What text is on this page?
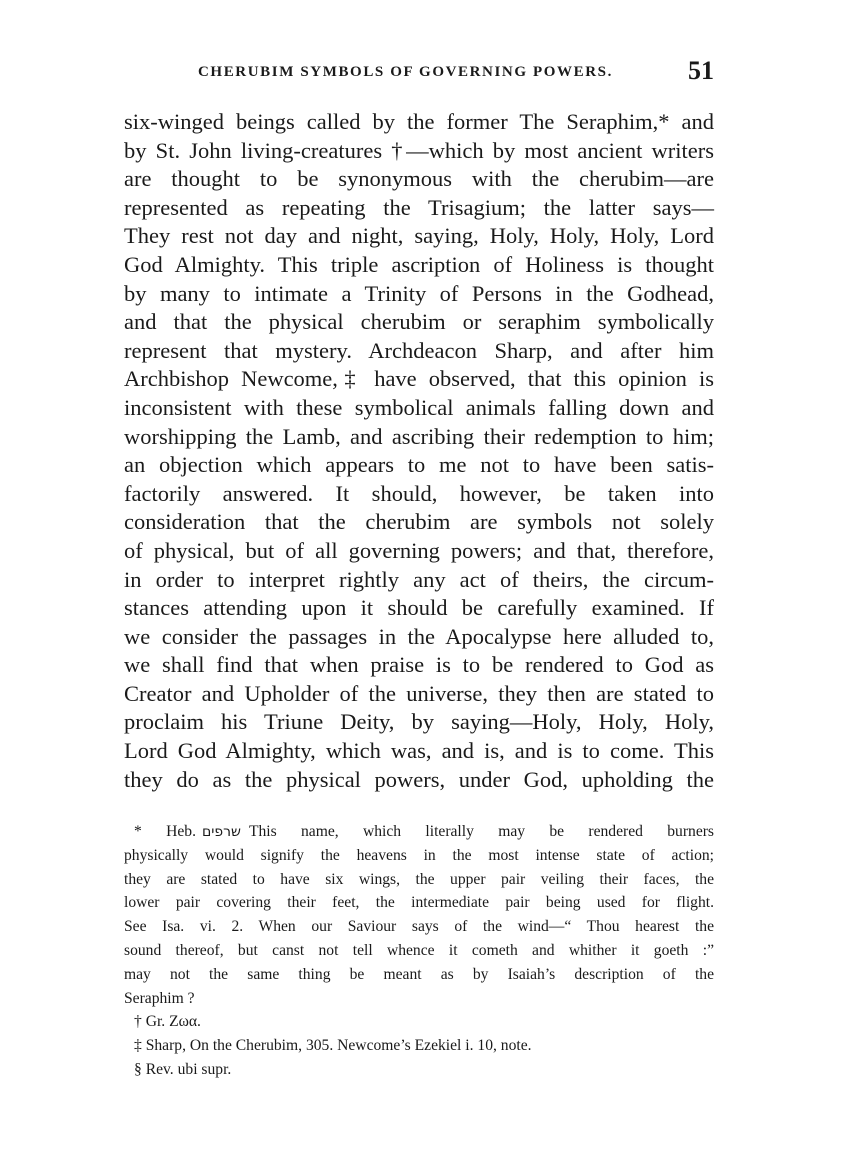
CHERUBIM SYMBOLS OF GOVERNING POWERS.	51
six-winged beings called by the former The Seraphim,* and
by St. John living-creatures †—which by most ancient writers
are thought to be synonymous with the cherubim—are
represented as repeating the Trisagium; the latter says—
They rest not day and night, saying, Holy, Holy, Holy, Lord
God Almighty. This triple ascription of Holiness is thought
by many to intimate a Trinity of Persons in the Godhead,
and that the physical cherubim or seraphim symbolically
represent that mystery. Archdeacon Sharp, and after him
Archbishop Newcome,‡ have observed, that this opinion is
inconsistent with these symbolical animals falling down and
worshipping the Lamb, and ascribing their redemption to him;
an objection which appears to me not to have been satis-
factorily answered. It should, however, be taken into
consideration that the cherubim are symbols not solely
of physical, but of all governing powers; and that, therefore,
in order to interpret rightly any act of theirs, the circum-
stances attending upon it should be carefully examined. If
we consider the passages in the Apocalypse here alluded to,
we shall find that when praise is to be rendered to God as
Creator and Upholder of the universe, they then are stated to
proclaim his Triune Deity, by saying—Holy, Holy, Holy,
Lord God Almighty, which was, and is, and is to come. This
they do as the physical powers, under God, upholding the
* Heb. שרפים This name, which literally may be rendered burners
physically would signify the heavens in the most intense state of action;
they are stated to have six wings, the upper pair veiling their faces, the
lower pair covering their feet, the intermediate pair being used for flight.
See Isa. vi. 2. When our Saviour says of the wind—“ Thou hearest the
sound thereof, but canst not tell whence it cometh and whither it goeth :”
may not the same thing be meant as by Isaiah’s description of the
Seraphim ?
† Gr. Ζωα.
‡ Sharp, On the Cherubim, 305. Newcome’s Ezekiel i. 10, note.
§ Rev. ubi supr.
